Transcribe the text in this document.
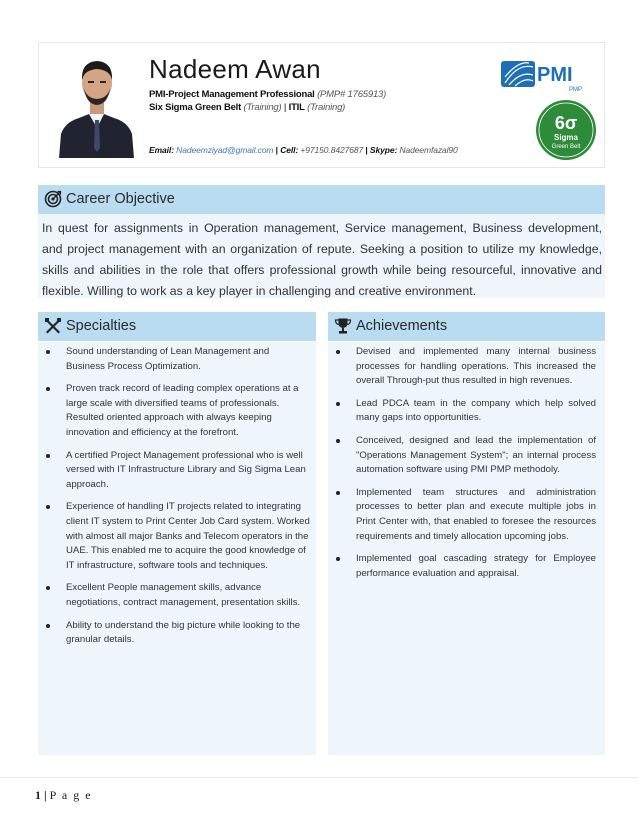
Nadeem Awan
PMI-Project Management Professional (PMP# 1765913)
Six Sigma Green Belt (Training) | ITIL (Training)
Email: Nadeemziyad@gmail.com | Cell: +97150.8427687 | Skype: Nadeemfazal90
PMI
PMP
6σ
Sigma
Green Belt
Career Objective
In quest for assignments in Operation management, Service management, Business development, and project management with an organization of repute. Seeking a position to utilize my knowledge, skills and abilities in the role that offers professional growth while being resourceful, innovative and flexible. Willing to work as a key player in challenging and creative environment.
Specialties
Sound understanding of Lean Management and Business Process Optimization.
Proven track record of leading complex operations at a large scale with diversified teams of professionals. Resulted oriented approach with always keeping innovation and efficiency at the forefront.
A certified Project Management professional who is well versed with IT Infrastructure Library and Sig Sigma Lean approach.
Experience of handling IT projects related to integrating client IT system to Print Center Job Card system. Worked with almost all major Banks and Telecom operators in the UAE. This enabled me to acquire the good knowledge of IT infrastructure, software tools and techniques.
Excellent People management skills, advance negotiations, contract management, presentation skills.
Ability to understand the big picture while looking to the granular details.
Achievements
Devised and implemented many internal business processes for handling operations. This increased the overall Through-put thus resulted in high revenues.
Lead PDCA team in the company which help solved many gaps into opportunities.
Conceived, designed and lead the implementation of "Operations Management System"; an internal process automation software using PMI PMP methodoly.
Implemented team structures and administration processes to better plan and execute multiple jobs in Print Center with, that enabled to foresee the resources requirements and timely allocation upcoming jobs.
Implemented goal cascading strategy for Employee performance evaluation and appraisal.
1 | P a g e
